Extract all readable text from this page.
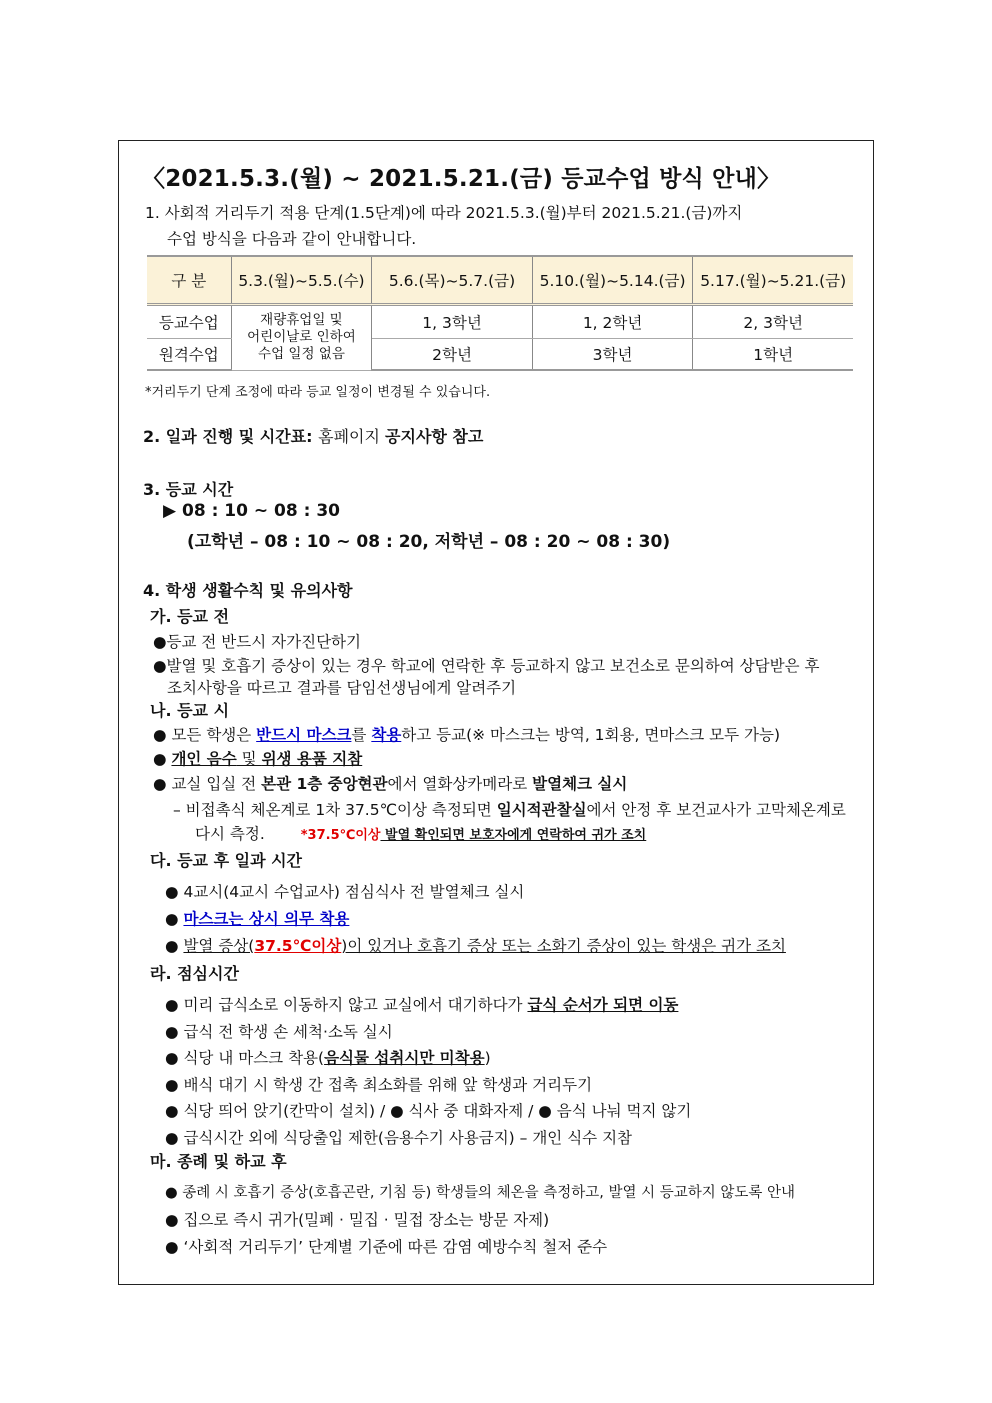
〈2021.5.3.(월) ~ 2021.5.21.(금) 등교수업 방식 안내〉
1. 사회적 거리두기 적용 단계(1.5단계)에 따라 2021.5.3.(월)부터 2021.5.21.(금)까지
수업 방식을 다음과 같이 안내합니다.
구 분	5.3.(월)~5.5.(수)	5.6.(목)~5.7.(금)	5.10.(월)~5.14.(금)	5.17.(월)~5.21.(금)
등교수업	재량휴업일 및
어린이날로 인하여
수업 일정 없음	1, 3학년	1, 2학년	2, 3학년
원격수업		2학년	3학년	1학년
*거리두기 단계 조정에 따라 등교 일정이 변경될 수 있습니다.
2. 일과 진행 및 시간표: 홈페이지 공지사항 참고
3. 등교 시간
▶ 08 : 10 ~ 08 : 30
(고학년 – 08 : 10 ~ 08 : 20, 저학년 – 08 : 20 ~ 08 : 30)
4. 학생 생활수칙 및 유의사항
가. 등교 전
●등교 전 반드시 자가진단하기
●발열 및 호흡기 증상이 있는 경우 학교에 연락한 후 등교하지 않고 보건소로 문의하여 상담받은 후
조치사항을 따르고 결과를 담임선생님에게 알려주기
나. 등교 시
● 모든 학생은 반드시 마스크를 착용하고 등교(※ 마스크는 방역, 1회용, 면마스크 모두 가능)
● 개인 음수 및 위생 용품 지참
● 교실 입실 전 본관 1층 중앙현관에서 열화상카메라로 발열체크 실시
– 비접촉식 체온계로 1차 37.5℃이상 측정되면 일시적관찰실에서 안정 후 보건교사가 고막체온계로
다시 측정.	*37.5℃이상 발열 확인되면 보호자에게 연락하여 귀가 조치
다. 등교 후 일과 시간
● 4교시(4교시 수업교사) 점심식사 전 발열체크 실시
● 마스크는 상시 의무 착용
● 발열 증상(37.5℃이상)이 있거나 호흡기 증상 또는 소화기 증상이 있는 학생은 귀가 조치
라. 점심시간
● 미리 급식소로 이동하지 않고 교실에서 대기하다가 급식 순서가 되면 이동
● 급식 전 학생 손 세척·소독 실시
● 식당 내 마스크 착용(음식물 섭취시만 미착용)
● 배식 대기 시 학생 간 접촉 최소화를 위해 앞 학생과 거리두기
● 식당 띄어 앉기(칸막이 설치) / ● 식사 중 대화자제 / ● 음식 나눠 먹지 않기
● 급식시간 외에 식당출입 제한(음용수기 사용금지) – 개인 식수 지참
마. 종례 및 하교 후
● 종례 시 호흡기 증상(호흡곤란, 기침 등) 학생들의 체온을 측정하고, 발열 시 등교하지 않도록 안내
● 집으로 즉시 귀가(밀폐 · 밀집 · 밀접 장소는 방문 자제)
● ‘사회적 거리두기’ 단계별 기준에 따른 감염 예방수칙 철저 준수
